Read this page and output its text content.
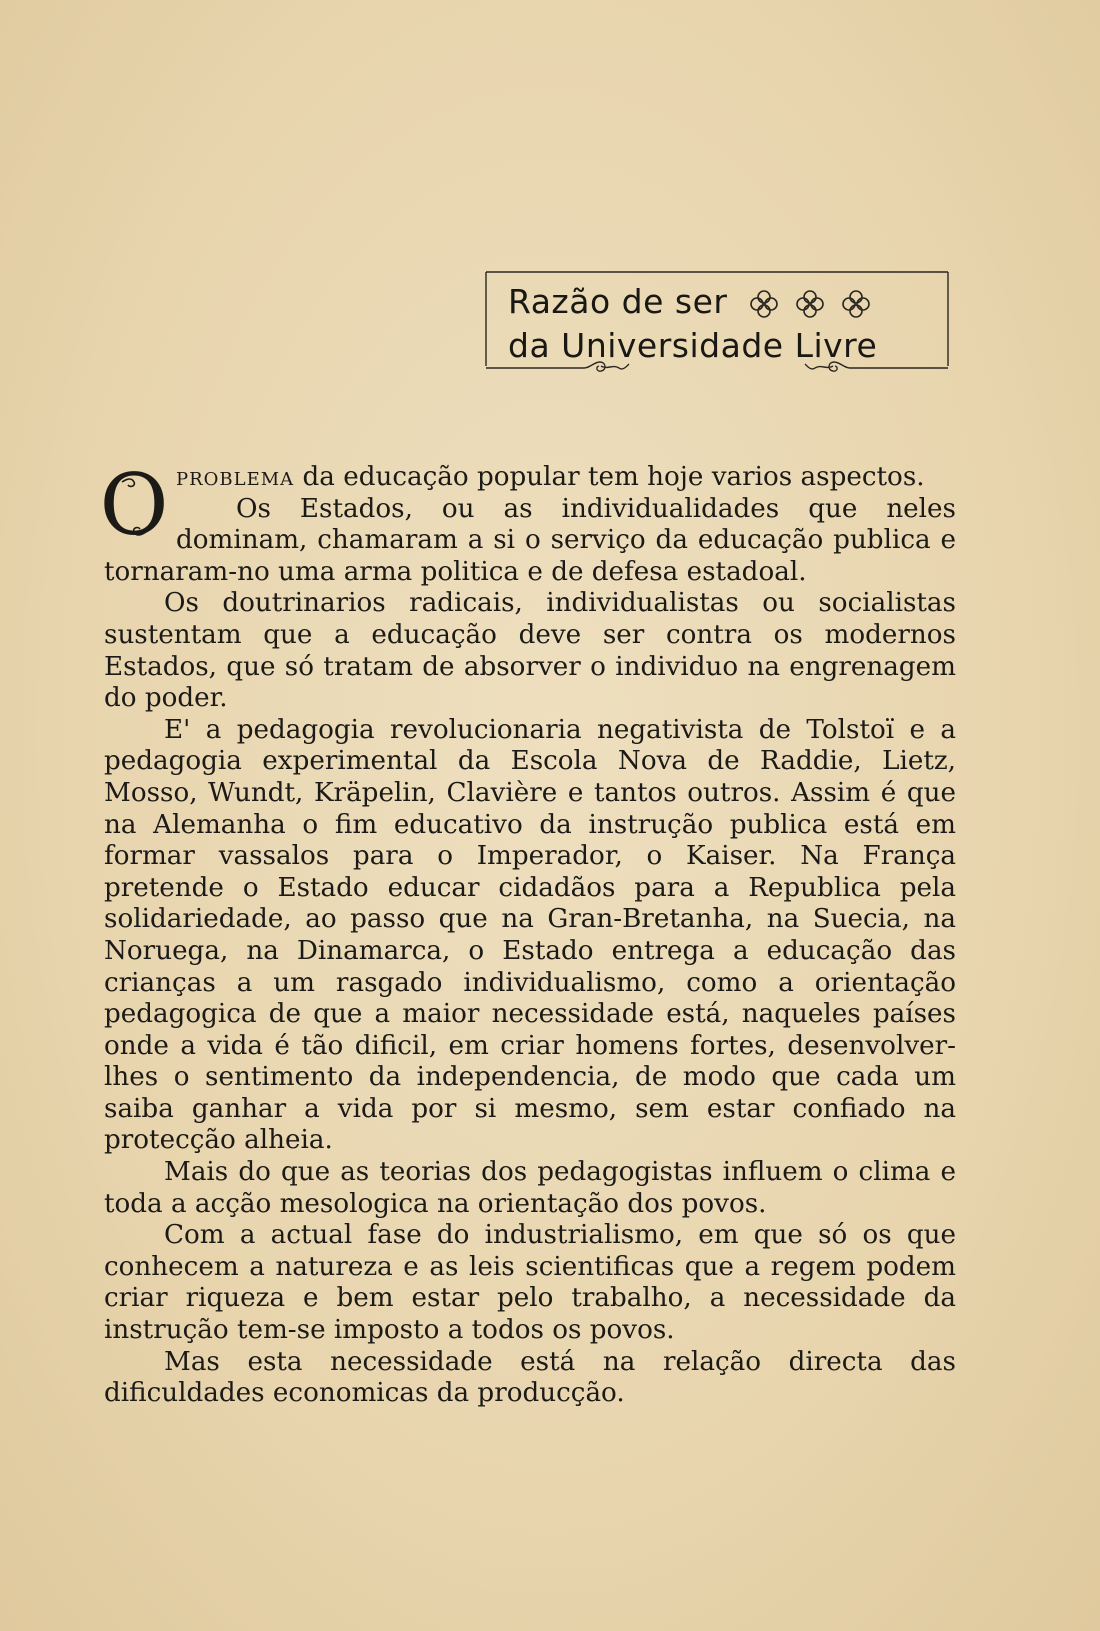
Razão de ser
da Universidade Livre

O problema da educação popular tem hoje varios aspectos.

Os Estados, ou as individualidades que neles dominam, chamaram a si o serviço da educação publica e tornaram-no uma arma politica e de defesa estadoal.

Os doutrinarios radicais, individualistas ou socialistas sustentam que a educação deve ser contra os modernos Estados, que só tratam de absorver o individuo na engrenagem do poder.

E' a pedagogia revolucionaria negativista de Tolstoï e a pedagogia experimental da Escola Nova de Raddie, Lietz, Mosso, Wundt, Kräpelin, Clavière e tantos outros. Assim é que na Alemanha o fim educativo da instrução publica está em formar vassalos para o Imperador, o Kaiser. Na França pretende o Estado educar cidadãos para a Republica pela solidariedade, ao passo que na Gran-Bretanha, na Suecia, na Noruega, na Dinamarca, o Estado entrega a educação das crianças a um rasgado individualismo, como a orientação pedagogica de que a maior necessidade está, naqueles países onde a vida é tão dificil, em criar homens fortes, desenvolver-lhes o sentimento da independencia, de modo que cada um saiba ganhar a vida por si mesmo, sem estar confiado na protecção alheia.

Mais do que as teorias dos pedagogistas influem o clima e toda a acção mesologica na orientação dos povos.

Com a actual fase do industrialismo, em que só os que conhecem a natureza e as leis scientificas que a regem podem criar riqueza e bem estar pelo trabalho, a necessidade da instrução tem-se imposto a todos os povos.

Mas esta necessidade está na relação directa das dificuldades economicas da producção.
